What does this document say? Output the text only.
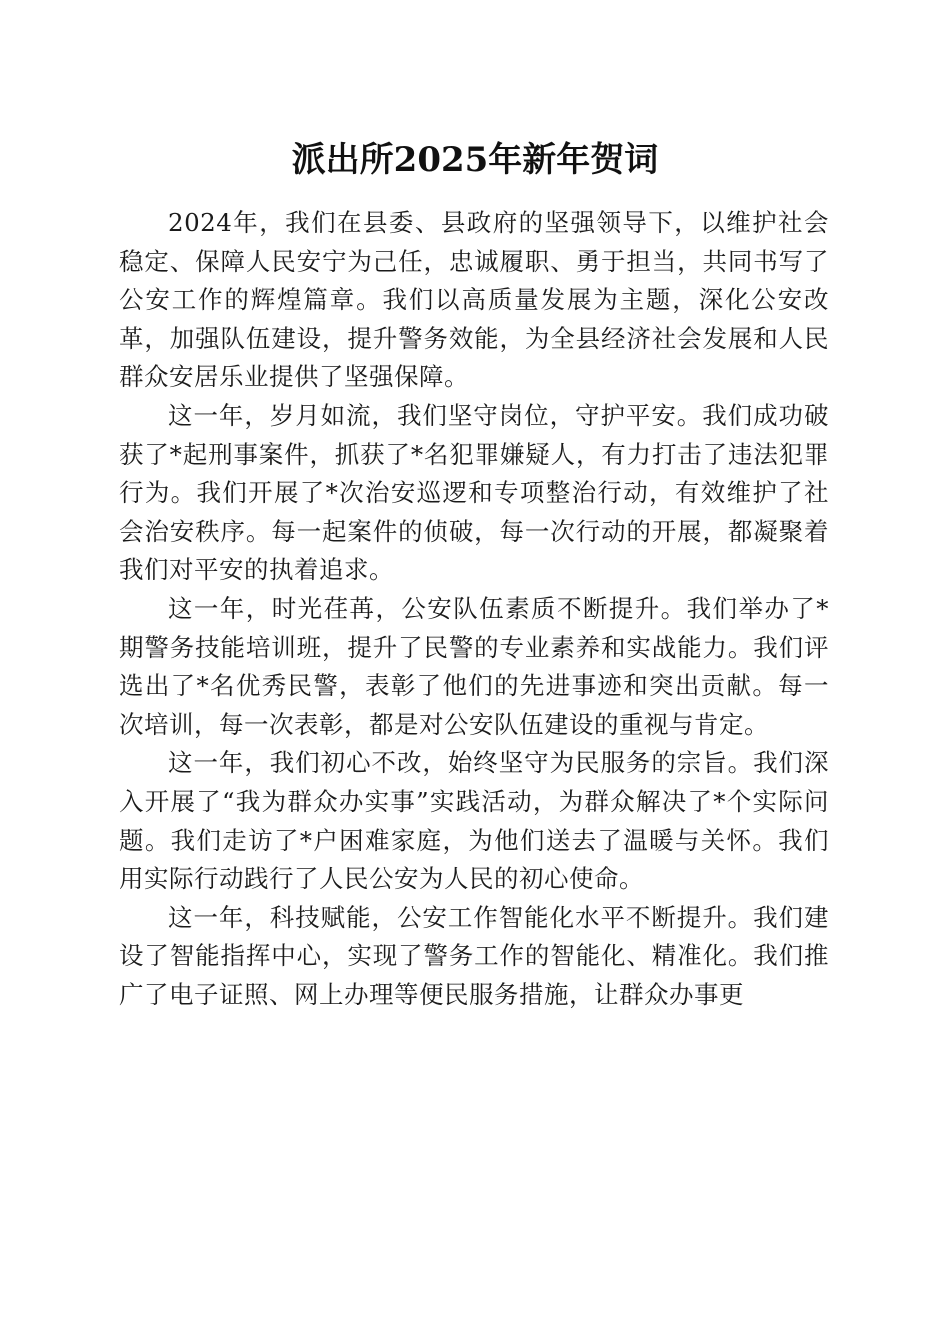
派出所2025年新年贺词

2024年，我们在县委、县政府的坚强领导下，以维护社会稳定、保障人民安宁为己任，忠诚履职、勇于担当，共同书写了公安工作的辉煌篇章。我们以高质量发展为主题，深化公安改革，加强队伍建设，提升警务效能，为全县经济社会发展和人民群众安居乐业提供了坚强保障。

这一年，岁月如流，我们坚守岗位，守护平安。我们成功破获了*起刑事案件，抓获了*名犯罪嫌疑人，有力打击了违法犯罪行为。我们开展了*次治安巡逻和专项整治行动，有效维护了社会治安秩序。每一起案件的侦破，每一次行动的开展，都凝聚着我们对平安的执着追求。

这一年，时光荏苒，公安队伍素质不断提升。我们举办了*期警务技能培训班，提升了民警的专业素养和实战能力。我们评选出了*名优秀民警，表彰了他们的先进事迹和突出贡献。每一次培训，每一次表彰，都是对公安队伍建设的重视与肯定。

这一年，我们初心不改，始终坚守为民服务的宗旨。我们深入开展了“我为群众办实事”实践活动，为群众解决了*个实际问题。我们走访了*户困难家庭，为他们送去了温暖与关怀。我们用实际行动践行了人民公安为人民的初心使命。

这一年，科技赋能，公安工作智能化水平不断提升。我们建设了智能指挥中心，实现了警务工作的智能化、精准化。我们推广了电子证照、网上办理等便民服务措施，让群众办事更
